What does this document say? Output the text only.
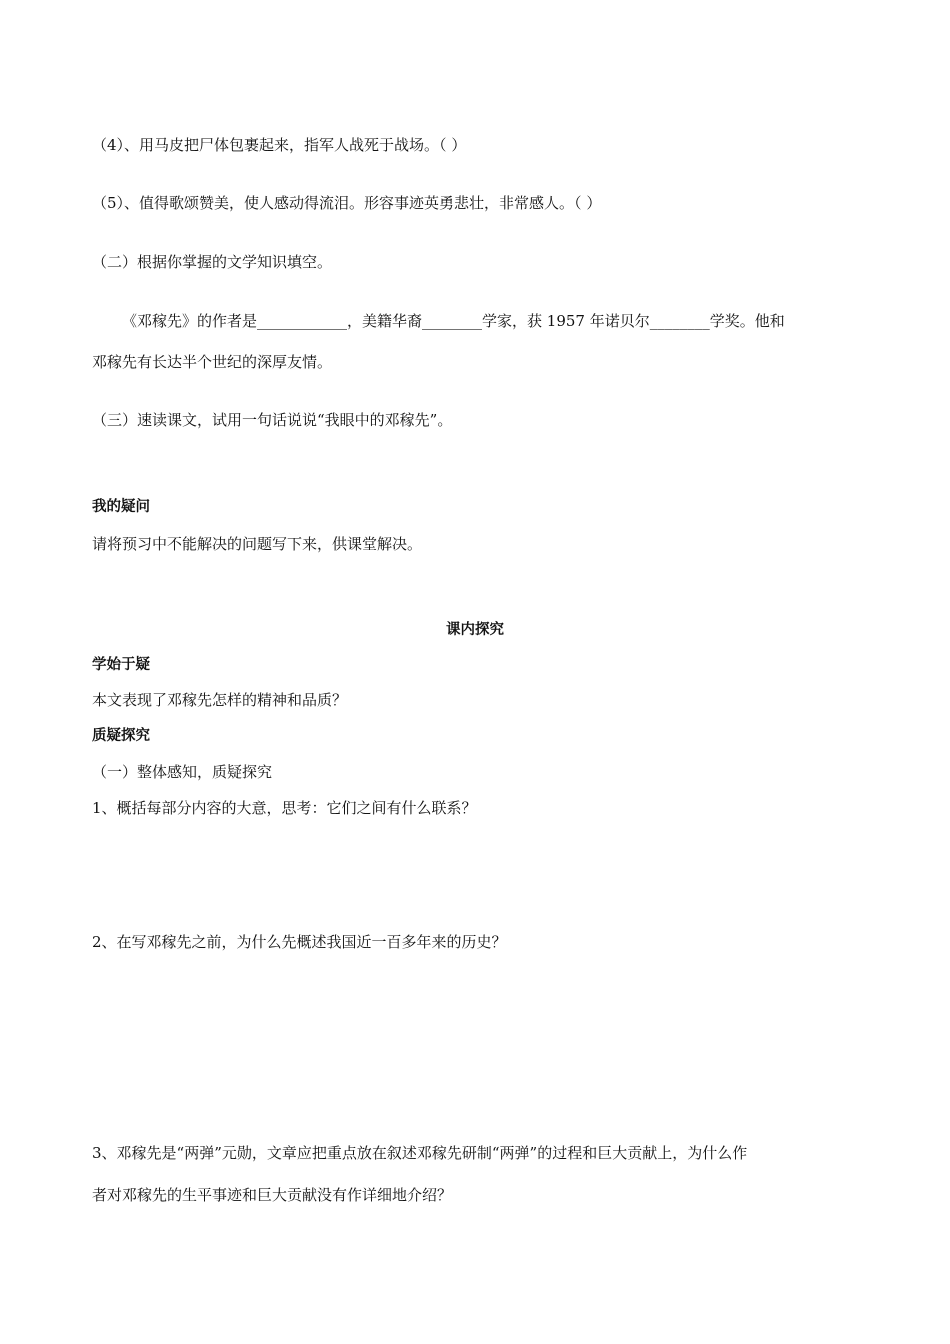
（4）、用马皮把尸体包裹起来，指军人战死于战场。（ ）
（5）、值得歌颂赞美，使人感动得流泪。形容事迹英勇悲壮，非常感人。（ ）
（二）根据你掌握的文学知识填空。
《邓稼先》的作者是____________，美籍华裔________学家，获 1957 年诺贝尔________学奖。他和
邓稼先有长达半个世纪的深厚友情。
（三）速读课文，试用一句话说说“我眼中的邓稼先”。
我的疑问
请将预习中不能解决的问题写下来，供课堂解决。
课内探究
学始于疑
本文表现了邓稼先怎样的精神和品质？
质疑探究
（一）整体感知，质疑探究
1、概括每部分内容的大意，思考：它们之间有什么联系？
2、在写邓稼先之前，为什么先概述我国近一百多年来的历史？
3、邓稼先是“两弹”元勋，文章应把重点放在叙述邓稼先研制“两弹”的过程和巨大贡献上，为什么作
者对邓稼先的生平事迹和巨大贡献没有作详细地介绍？
